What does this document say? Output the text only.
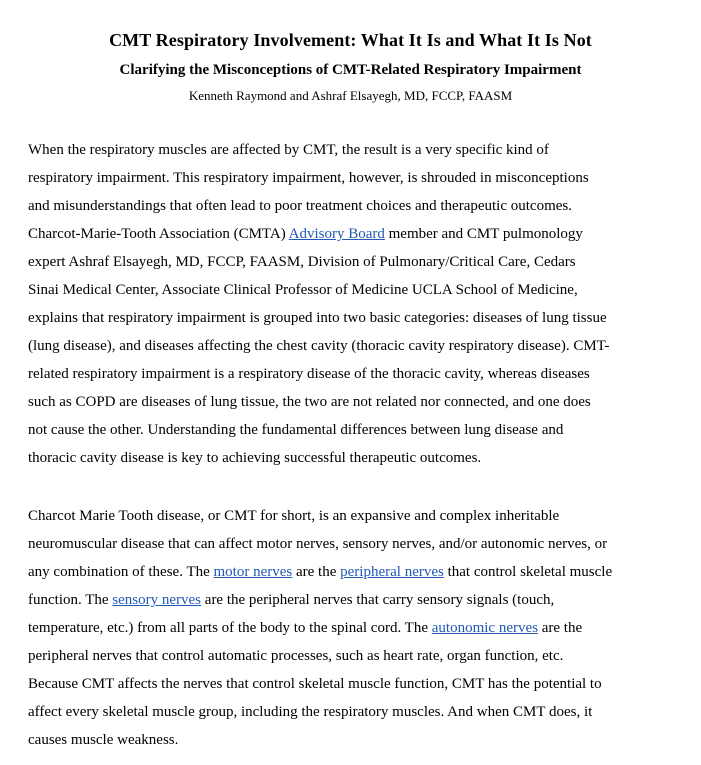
CMT Respiratory Involvement: What It Is and What It Is Not
Clarifying the Misconceptions of CMT-Related Respiratory Impairment
Kenneth Raymond and Ashraf Elsayegh, MD, FCCP, FAASM
When the respiratory muscles are affected by CMT, the result is a very specific kind of
respiratory impairment. This respiratory impairment, however, is shrouded in misconceptions
and misunderstandings that often lead to poor treatment choices and therapeutic outcomes.
Charcot-Marie-Tooth Association (CMTA) Advisory Board member and CMT pulmonology
expert Ashraf Elsayegh, MD, FCCP, FAASM, Division of Pulmonary/Critical Care, Cedars
Sinai Medical Center, Associate Clinical Professor of Medicine UCLA School of Medicine,
explains that respiratory impairment is grouped into two basic categories: diseases of lung tissue
(lung disease), and diseases affecting the chest cavity (thoracic cavity respiratory disease). CMT-
related respiratory impairment is a respiratory disease of the thoracic cavity, whereas diseases
such as COPD are diseases of lung tissue, the two are not related nor connected, and one does
not cause the other. Understanding the fundamental differences between lung disease and
thoracic cavity disease is key to achieving successful therapeutic outcomes.
Charcot Marie Tooth disease, or CMT for short, is an expansive and complex inheritable
neuromuscular disease that can affect motor nerves, sensory nerves, and/or autonomic nerves, or
any combination of these. The motor nerves are the peripheral nerves that control skeletal muscle
function. The sensory nerves are the peripheral nerves that carry sensory signals (touch,
temperature, etc.) from all parts of the body to the spinal cord. The autonomic nerves are the
peripheral nerves that control automatic processes, such as heart rate, organ function, etc.
Because CMT affects the nerves that control skeletal muscle function, CMT has the potential to
affect every skeletal muscle group, including the respiratory muscles. And when CMT does, it
causes muscle weakness.
